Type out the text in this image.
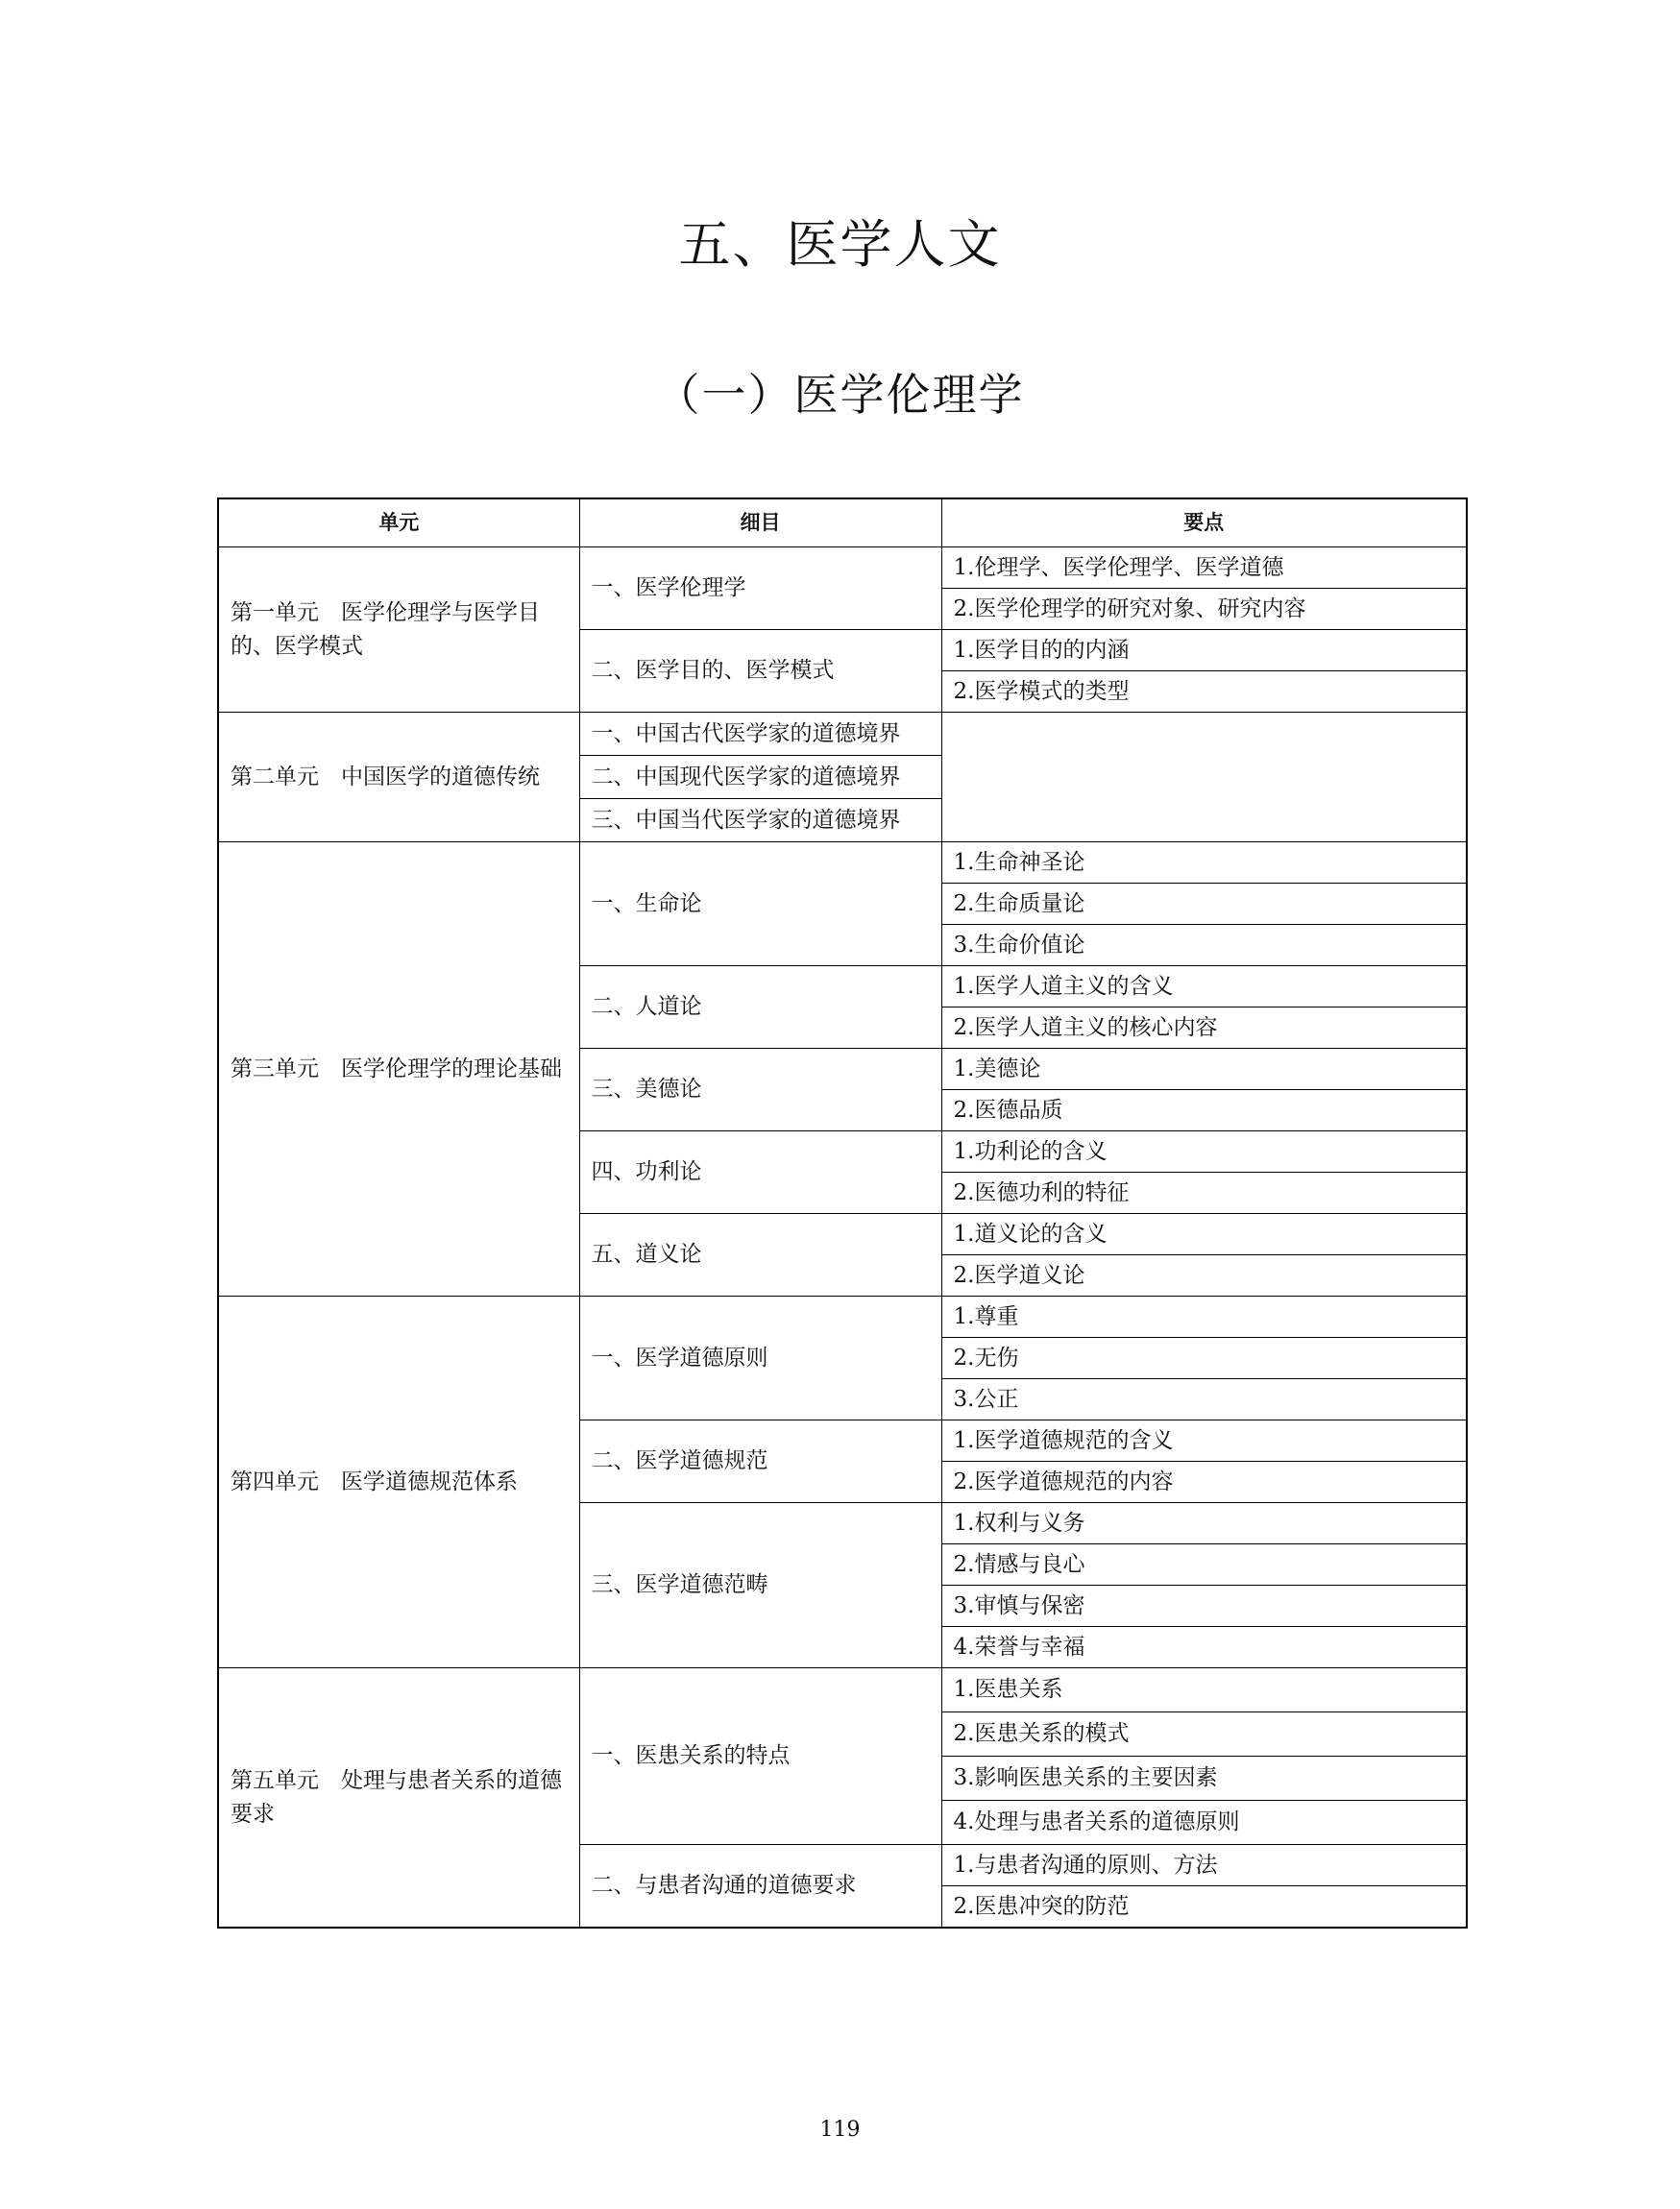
五、医学人文
（一）医学伦理学
单元	细目	要点
第一单元　医学伦理学与医学目的、医学模式	一、医学伦理学	1.伦理学、医学伦理学、医学道德
		2.医学伦理学的研究对象、研究内容
	二、医学目的、医学模式	1.医学目的的内涵
		2.医学模式的类型
第二单元　中国医学的道德传统	一、中国古代医学家的道德境界	
	二、中国现代医学家的道德境界	
	三、中国当代医学家的道德境界	
第三单元　医学伦理学的理论基础	一、生命论	1.生命神圣论
		2.生命质量论
		3.生命价值论
	二、人道论	1.医学人道主义的含义
		2.医学人道主义的核心内容
	三、美德论	1.美德论
		2.医德品质
	四、功利论	1.功利论的含义
		2.医德功利的特征
	五、道义论	1.道义论的含义
		2.医学道义论
第四单元　医学道德规范体系	一、医学道德原则	1.尊重
		2.无伤
		3.公正
	二、医学道德规范	1.医学道德规范的含义
		2.医学道德规范的内容
	三、医学道德范畴	1.权利与义务
		2.情感与良心
		3.审慎与保密
		4.荣誉与幸福
第五单元　处理与患者关系的道德要求	一、医患关系的特点	1.医患关系
		2.医患关系的模式
		3.影响医患关系的主要因素
		4.处理与患者关系的道德原则
	二、与患者沟通的道德要求	1.与患者沟通的原则、方法
		2.医患冲突的防范
119
